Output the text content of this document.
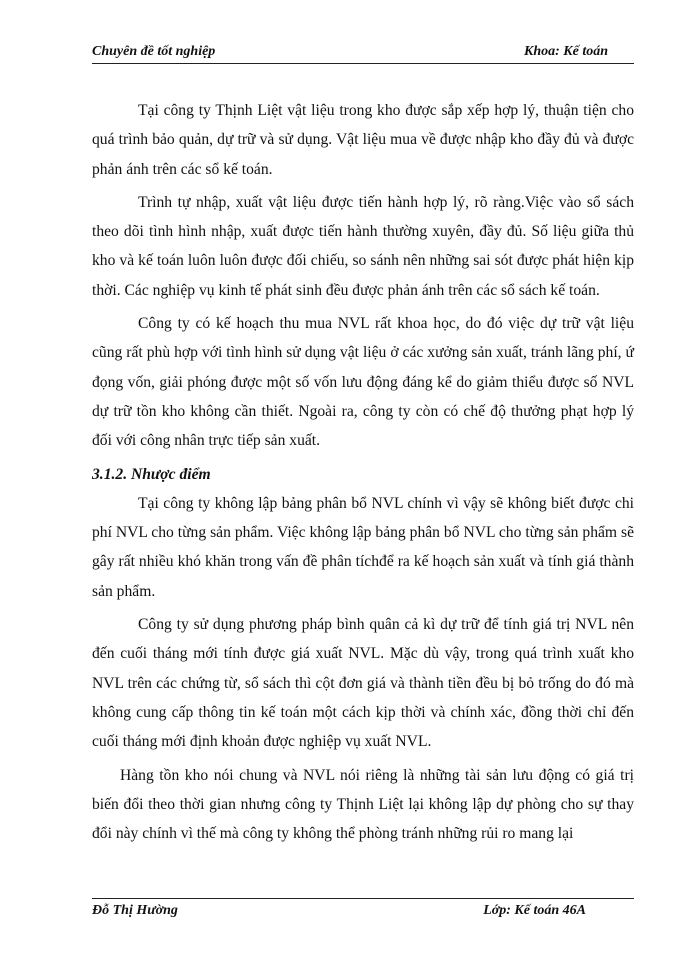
Chuyên đề tốt nghiệp	Khoa: Kế toán

Tại công ty Thịnh Liệt vật liệu trong kho được sắp xếp hợp lý, thuận tiện cho quá trình bảo quản, dự trữ và sử dụng. Vật liệu mua về được nhập kho đầy đủ và được phản ánh trên các sổ kế toán.

Trình tự nhập, xuất vật liệu được tiến hành hợp lý, rõ ràng.Việc vào sổ sách theo dõi tình hình nhập, xuất được tiến hành thường xuyên, đầy đủ. Số liệu giữa thủ kho và kế toán luôn luôn được đối chiếu, so sánh nên những sai sót được phát hiện kịp thời. Các nghiệp vụ kinh tế phát sinh đều được phản ánh trên các sổ sách kế toán.

Công ty có kế hoạch thu mua NVL rất khoa học, do đó việc dự trữ vật liệu cũng rất phù hợp với tình hình sử dụng vật liệu ở các xưởng sản xuất, tránh lãng phí, ứ đọng vốn, giải phóng được một số vốn lưu động đáng kể do giảm thiểu được số NVL dự trữ tồn kho không cần thiết. Ngoài ra, công ty còn có chế độ thưởng phạt hợp lý đối với công nhân trực tiếp sản xuất.

3.1.2. Nhược điểm

Tại công ty không lập bảng phân bổ NVL chính vì vậy sẽ không biết được chi phí NVL cho từng sản phẩm. Việc không lập bảng phân bổ NVL cho từng sản phẩm sẽ gây rất nhiều khó khăn trong vấn đề phân tíchđể ra kế hoạch sản xuất và tính giá thành sản phẩm.

Công ty sử dụng phương pháp bình quân cả kì dự trữ để tính giá trị NVL nên đến cuối tháng mới tính được giá xuất NVL. Mặc dù vậy, trong quá trình xuất kho NVL trên các chứng từ, sổ sách thì cột đơn giá và thành tiền đều bị bỏ trống do đó mà không cung cấp thông tin kế toán một cách kịp thời và chính xác, đồng thời chỉ đến cuối tháng mới định khoản được nghiệp vụ xuất NVL.

Hàng tồn kho nói chung và NVL nói riêng là những tài sản lưu động có giá trị biến đổi theo thời gian nhưng công ty Thịnh Liệt lại không lập dự phòng cho sự thay đổi này chính vì thế mà công ty không thể phòng tránh những rủi ro mang lại

Đỗ Thị Hường	Lớp: Kế toán 46A
